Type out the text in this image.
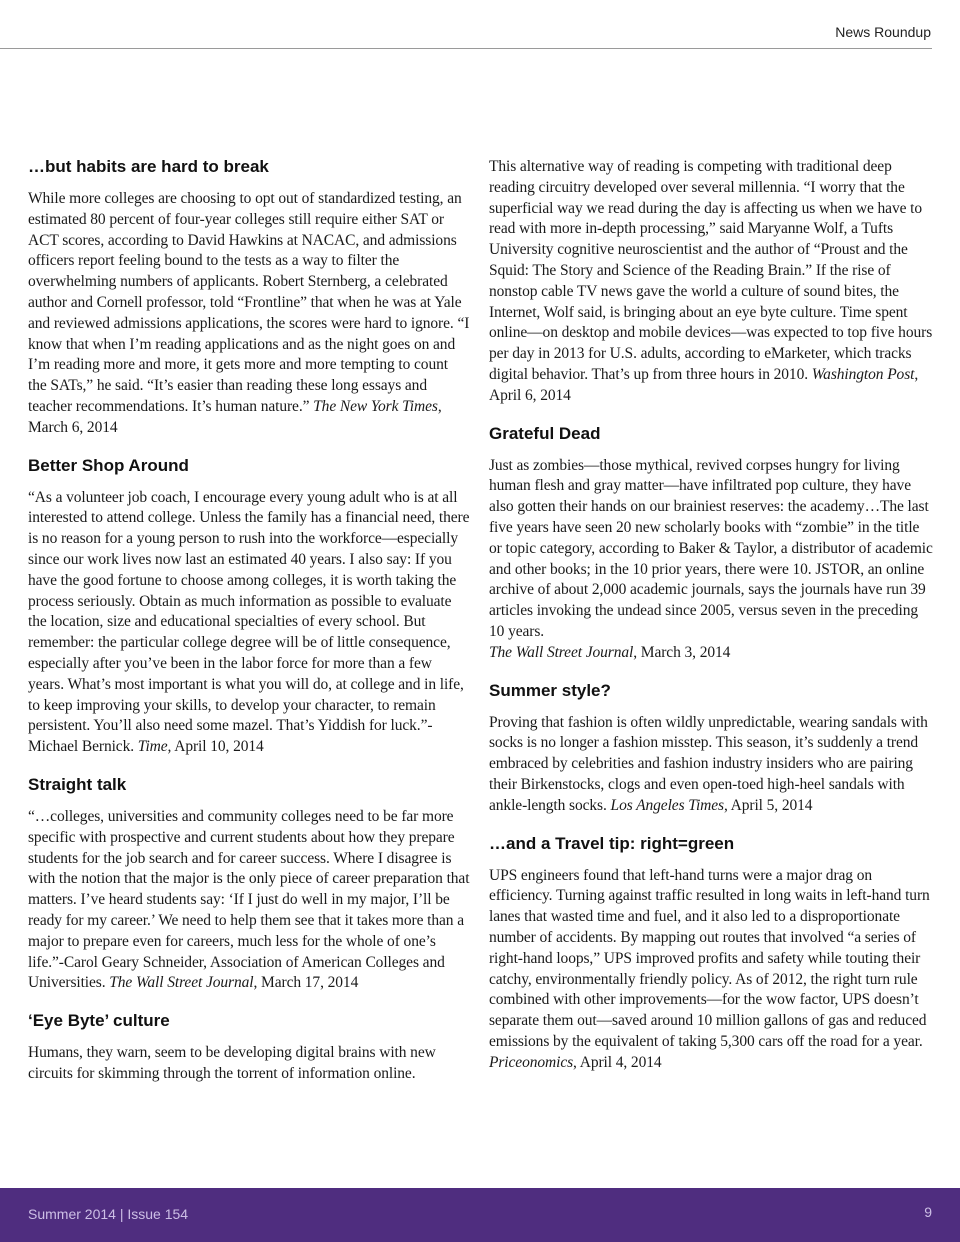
News Roundup
…but habits are hard to break

While more colleges are choosing to opt out of standardized testing, an estimated 80 percent of four-year colleges still require either SAT or ACT scores, according to David Hawkins at NACAC, and admissions officers report feeling bound to the tests as a way to filter the overwhelming numbers of applicants. Robert Sternberg, a celebrated author and Cornell professor, told “Frontline” that when he was at Yale and reviewed admissions applications, the scores were hard to ignore. “I know that when I’m reading applications and as the night goes on and I’m reading more and more, it gets more and more tempting to count the SATs,” he said. “It’s easier than reading these long essays and teacher recommendations. It’s human nature.” The New York Times, March 6, 2014

Better Shop Around

“As a volunteer job coach, I encourage every young adult who is at all interested to attend college. Unless the family has a financial need, there is no reason for a young person to rush into the workforce—especially since our work lives now last an estimated 40 years. I also say: If you have the good fortune to choose among colleges, it is worth taking the process seriously. Obtain as much information as possible to evaluate the location, size and educational specialties of every school. But remember: the particular college degree will be of little consequence, especially after you’ve been in the labor force for more than a few years. What’s most important is what you will do, at college and in life, to keep improving your skills, to develop your character, to remain persistent. You’ll also need some mazel. That’s Yiddish for luck.”-Michael Bernick. Time, April 10, 2014

Straight talk

“…colleges, universities and community colleges need to be far more specific with prospective and current students about how they prepare students for the job search and for career success. Where I disagree is with the notion that the major is the only piece of career preparation that matters. I’ve heard students say: ‘If I just do well in my major, I’ll be ready for my career.’ We need to help them see that it takes more than a major to prepare even for careers, much less for the whole of one’s life.”-Carol Geary Schneider, Association of American Colleges and Universities. The Wall Street Journal, March 17, 2014

‘Eye Byte’ culture

Humans, they warn, seem to be developing digital brains with new circuits for skimming through the torrent of information online.

This alternative way of reading is competing with traditional deep reading circuitry developed over several millennia. “I worry that the superficial way we read during the day is affecting us when we have to read with more in-depth processing,” said Maryanne Wolf, a Tufts University cognitive neuroscientist and the author of “Proust and the Squid: The Story and Science of the Reading Brain.” If the rise of nonstop cable TV news gave the world a culture of sound bites, the Internet, Wolf said, is bringing about an eye byte culture. Time spent online—on desktop and mobile devices—was expected to top five hours per day in 2013 for U.S. adults, according to eMarketer, which tracks digital behavior. That’s up from three hours in 2010. Washington Post, April 6, 2014

Grateful Dead

Just as zombies—those mythical, revived corpses hungry for living human flesh and gray matter—have infiltrated pop culture, they have also gotten their hands on our brainiest reserves: the academy…The last five years have seen 20 new scholarly books with “zombie” in the title or topic category, according to Baker & Taylor, a distributor of academic and other books; in the 10 prior years, there were 10. JSTOR, an online archive of about 2,000 academic journals, says the journals have run 39 articles invoking the undead since 2005, versus seven in the preceding 10 years.
The Wall Street Journal, March 3, 2014

Summer style?

Proving that fashion is often wildly unpredictable, wearing sandals with socks is no longer a fashion misstep. This season, it’s suddenly a trend embraced by celebrities and fashion industry insiders who are pairing their Birkenstocks, clogs and even open-toed high-heel sandals with ankle-length socks. Los Angeles Times, April 5, 2014

…and a Travel tip: right=green

UPS engineers found that left-hand turns were a major drag on efficiency. Turning against traffic resulted in long waits in left-hand turn lanes that wasted time and fuel, and it also led to a disproportionate number of accidents. By mapping out routes that involved “a series of right-hand loops,” UPS improved profits and safety while touting their catchy, environmentally friendly policy. As of 2012, the right turn rule combined with other improvements—for the wow factor, UPS doesn’t separate them out—saved around 10 million gallons of gas and reduced emissions by the equivalent of taking 5,300 cars off the road for a year.
Priceonomics, April 4, 2014

Summer 2014 | Issue 154	9
